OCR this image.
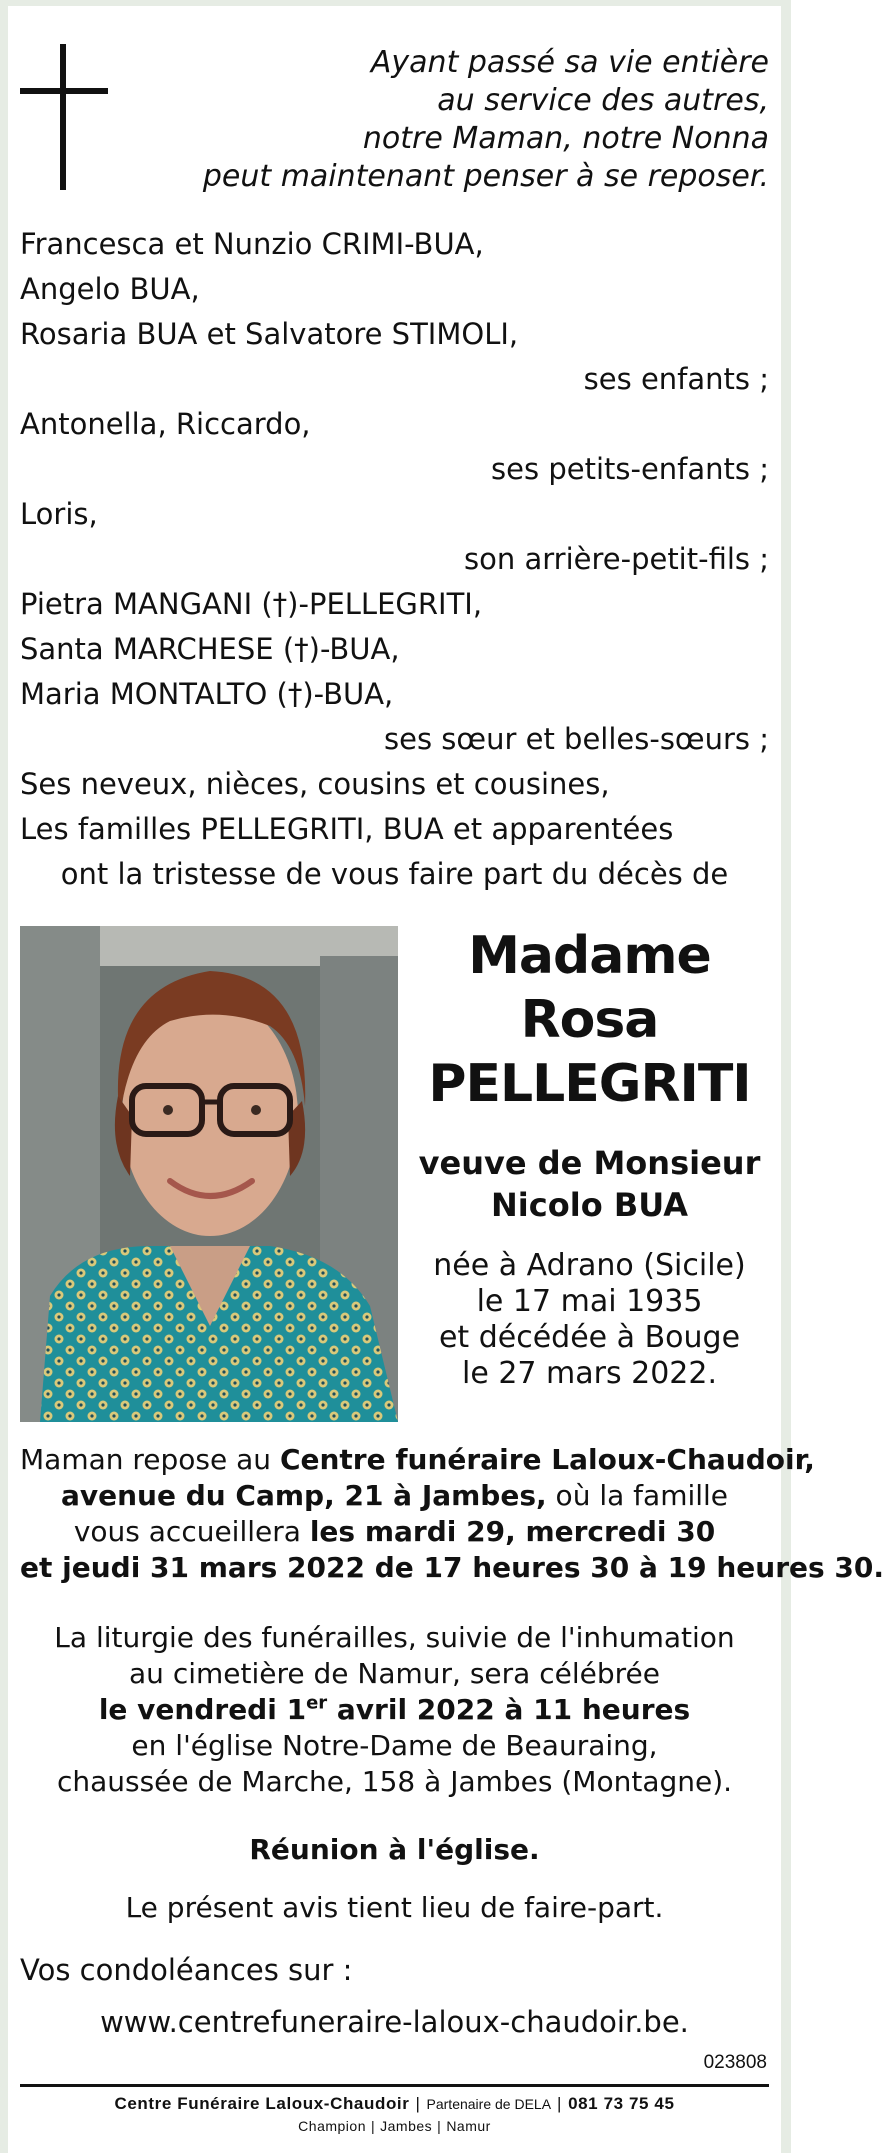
Ayant passé sa vie entière
au service des autres,
notre Maman, notre Nonna
peut maintenant penser à se reposer.
Francesca et Nunzio CRIMI-BUA,
Angelo BUA,
Rosaria BUA et Salvatore STIMOLI,
ses enfants ;
Antonella, Riccardo,
ses petits-enfants ;
Loris,
son arrière-petit-fils ;
Pietra MANGANI (†)-PELLEGRITI,
Santa MARCHESE (†)-BUA,
Maria MONTALTO (†)-BUA,
ses sœur et belles-sœurs ;
Ses neveux, nièces, cousins et cousines,
Les familles PELLEGRITI, BUA et apparentées
ont la tristesse de vous faire part du décès de
Madame
Rosa
PELLEGRITI
veuve de Monsieur
Nicolo BUA
née à Adrano (Sicile)
le 17 mai 1935
et décédée à Bouge
le 27 mars 2022.
Maman repose au Centre funéraire Laloux-Chaudoir,
avenue du Camp, 21 à Jambes, où la famille
vous accueillera les mardi 29, mercredi 30
et jeudi 31 mars 2022 de 17 heures 30 à 19 heures 30.
La liturgie des funérailles, suivie de l'inhumation
au cimetière de Namur, sera célébrée
le vendredi 1er avril 2022 à 11 heures
en l'église Notre-Dame de Beauraing,
chaussée de Marche, 158 à Jambes (Montagne).
Réunion à l'église.
Le présent avis tient lieu de faire-part.
Vos condoléances sur :
www.centrefuneraire-laloux-chaudoir.be.
023808
Centre Funéraire Laloux-Chaudoir | Partenaire de DELA | 081 73 75 45
Champion | Jambes | Namur
